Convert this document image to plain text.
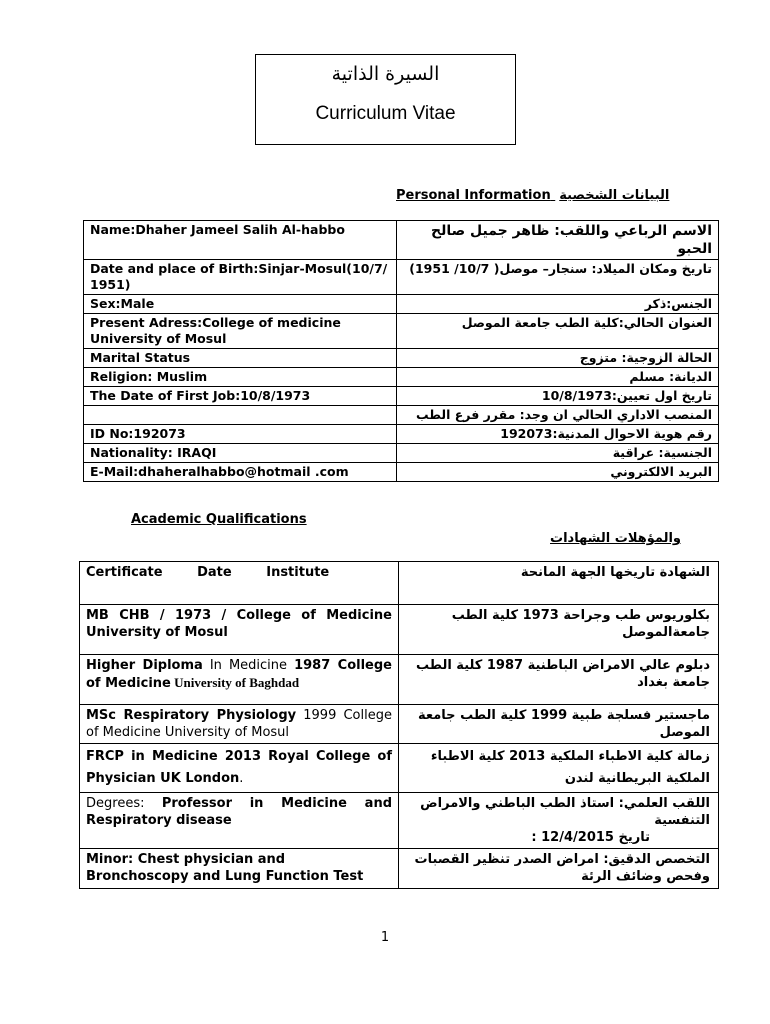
السيرة الذاتية
Curriculum Vitae
Personal Information البيانات الشخصية
Name:Dhaher Jameel Salih Al-habbo	الاسم الرباعي واللقب: ظاهر جميل صالح الحبو
Date and place of Birth:Sinjar-Mosul(10/7/ 1951)	تاريخ ومكان الميلاد: سنجار– موصل( 10/7/ 1951)
Sex:Male	الجنس:ذكر
Present Adress:College of medicine University of Mosul	العنوان الحالي:كلية الطب جامعة الموصل
Marital Status	الحالة الزوجية: متزوج
Religion: Muslim	الديانة: مسلم
The Date of First Job:10/8/1973	تاريخ اول تعيين:10/8/1973
	المنصب الاداري الحالي ان وجد: مقرر فرع الطب
ID No:192073	رقم هوية الاحوال المدنية:192073
Nationality: IRAQI	الجنسية: عراقية
E-Mail:dhaheralhabbo@hotmail .com	البريد الالكتروني
Academic Qualifications
والمؤهلات الشهادات
Certificate Date Institute	الشهادة تاريخها الجهة المانحة
MB CHB / 1973 / College of Medicine University of Mosul	بكلوريوس طب وجراحة 1973 كلية الطب جامعةالموصل
Higher Diploma In Medicine 1987 College of Medicine University of Baghdad	دبلوم عالي الامراض الباطنية 1987 كلية الطب جامعة بغداد
MSc Respiratory Physiology 1999 College of Medicine University of Mosul	ماجستير فسلجة طبية 1999 كلية الطب جامعة الموصل
FRCP in Medicine 2013 Royal College of Physician UK London.	زمالة كلية الاطباء الملكية 2013 كلية الاطباء الملكية البريطانية لندن
Degrees: Professor in Medicine and Respiratory disease	اللقب العلمي: استاذ الطب الباطني والامراض التنفسية
تاريخ 12/4/2015 :

Minor: Chest physician and Bronchoscopy and Lung Function Test	التخصص الدقيق: امراض الصدر تنظير القصبات وفحص وضائف الرئة
1
